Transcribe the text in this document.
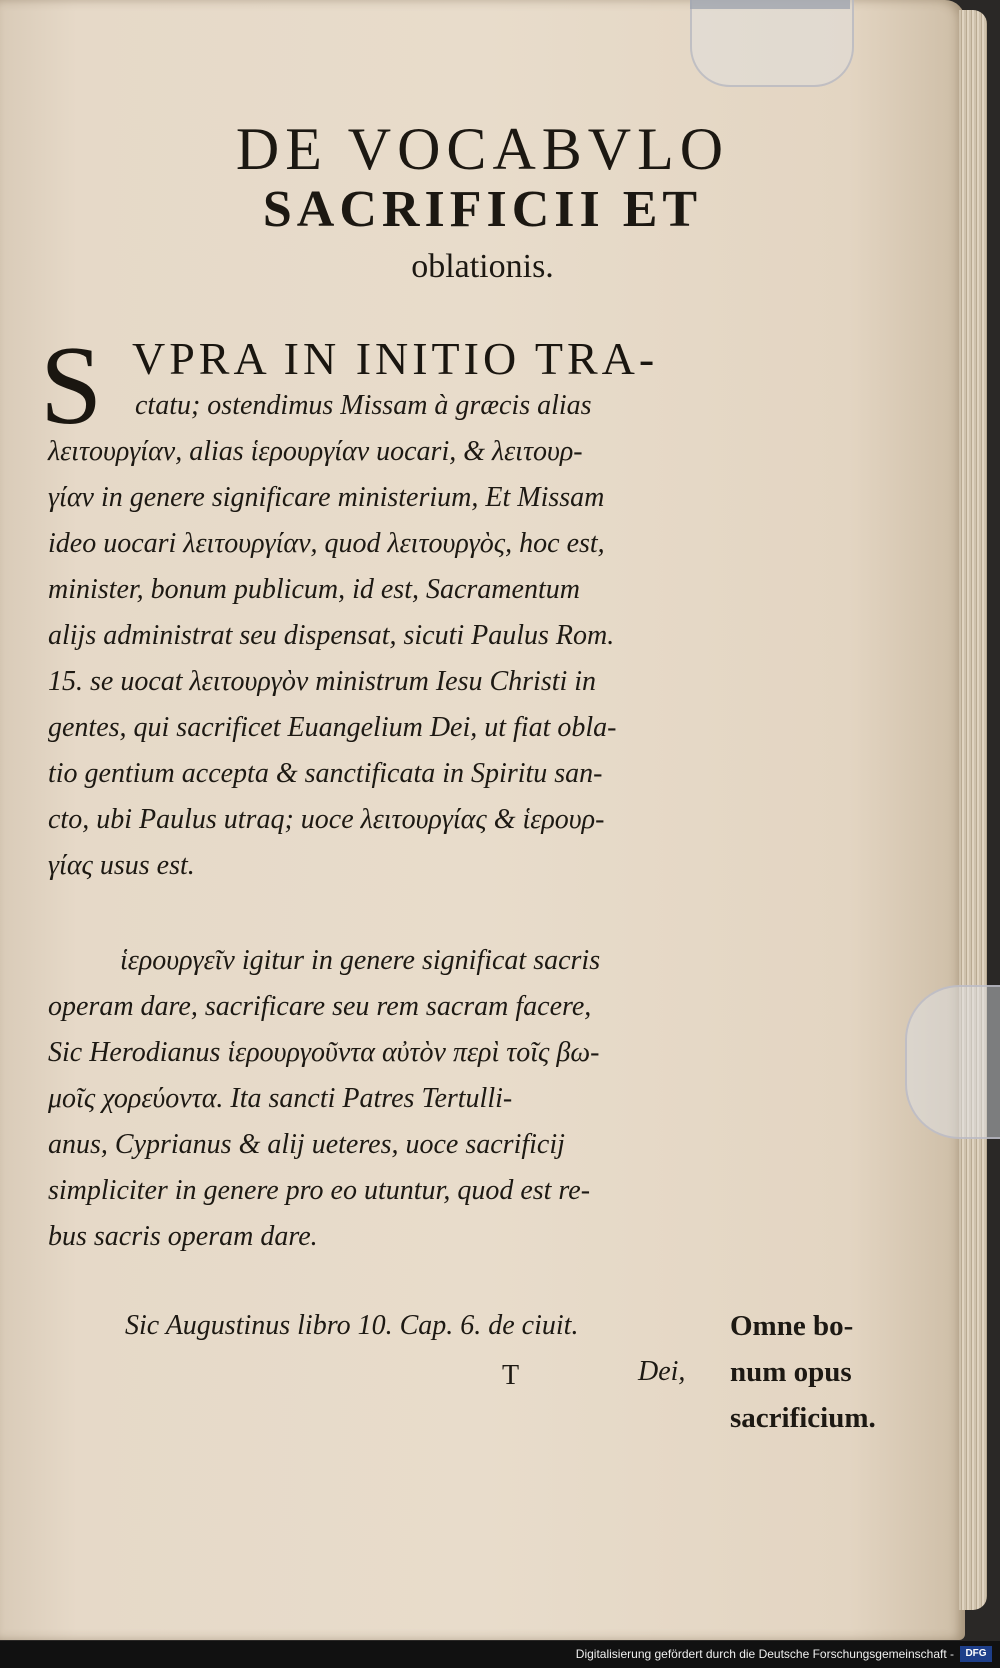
DE VOCABVLO
SACRIFICII ET
oblationis.
S VPRA IN INITIO TRA-
ctatu; ostendimus Missam à græcis alias
λειτουργίαν, alias ἱερουργίαν uocari, & λειτουρ-
γίαν in genere significare ministerium, Et Missam
ideo uocari λειτουργίαν, quod λειτουργὸς, hoc est,
minister, bonum publicum, id est, Sacramentum
alijs administrat seu dispensat, sicuti Paulus Rom.
15. se uocat λειτουργὸν ministrum Iesu Christi in
gentes, qui sacrificet Euangelium Dei, ut fiat obla-
tio gentium accepta & sanctificata in Spiritu san-
cto, ubi Paulus utraq; uoce λειτουργίας & ἱερουρ-
γίας usus est.
ἱερουργεῖν igitur in genere significat sacris
operam dare, sacrificare seu rem sacram facere,
Sic Herodianus ἱερουργοῦντα αὐτὸν περὶ τοῖς βω-
μοῖς χορεύοντα. Ita sancti Patres Tertulli-
anus, Cyprianus & alij ueteres, uoce sacrificij
simpliciter in genere pro eo utuntur, quod est re-
bus sacris operam dare.
Sic Augustinus libro 10. Cap. 6. de ciuit.
Dei,
T
Omne bo-
num opus
sacrificium.
Digitalisierung gefördert durch die Deutsche Forschungsgemeinschaft -	DFG
